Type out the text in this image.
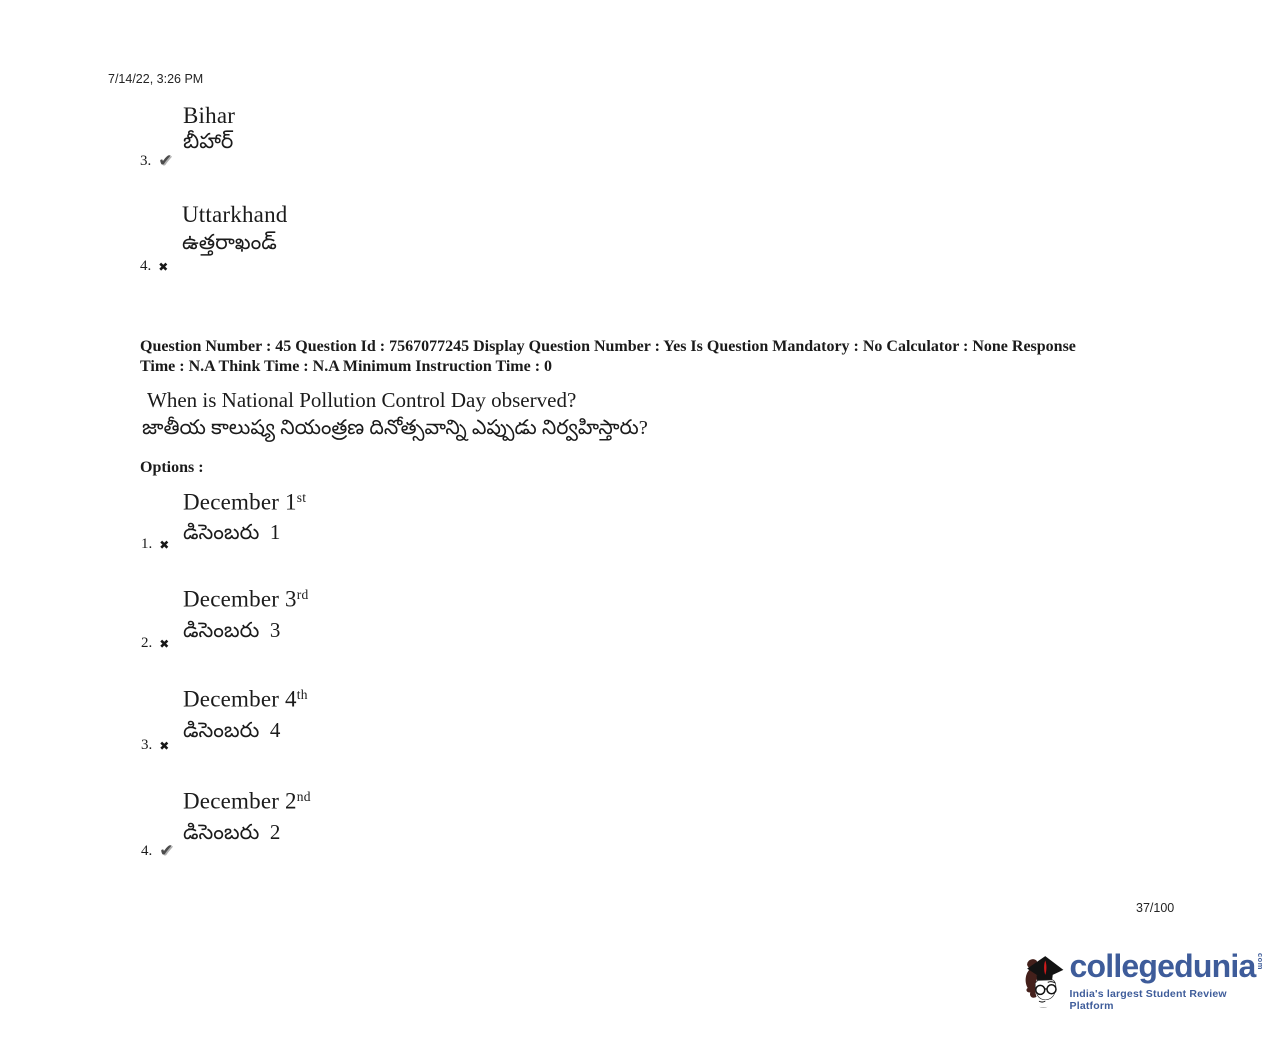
7/14/22, 3:26 PM
Bihar
బీహార్
3. ✔
Uttarkhand
ఉత్తరాఖండ్
4. ✖
Question Number : 45 Question Id : 7567077245 Display Question Number : Yes Is Question Mandatory : No Calculator : None Response
Time : N.A Think Time : N.A Minimum Instruction Time : 0
When is National Pollution Control Day observed?
జాతీయ కాలుష్య నియంత్రణ దినోత్సవాన్ని ఎప్పుడు నిర్వహిస్తారు?
Options :
December 1st
డిసెంబరు  1
1. ✖
December 3rd
డిసెంబరు  3
2. ✖
December 4th
డిసెంబరు  4
3. ✖
December 2nd
డిసెంబరు  2
4. ✔
37/100
collegedunia com
India's largest Student Review Platform
